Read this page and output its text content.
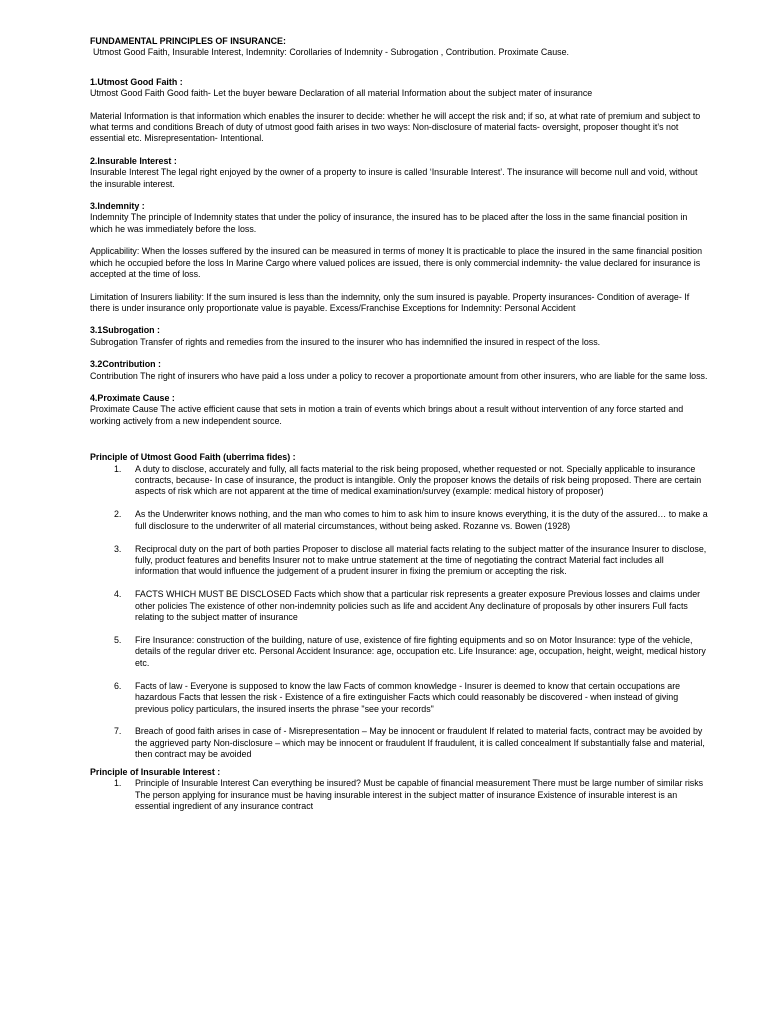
FUNDAMENTAL PRINCIPLES OF INSURANCE:

Utmost Good Faith, Insurable Interest, Indemnity: Corollaries of Indemnity - Subrogation , Contribution. Proximate Cause.

1.Utmost Good Faith :

Utmost Good Faith Good faith- Let the buyer beware Declaration of all material Information about the subject mater of insurance

Material Information is that information which enables the insurer to decide: whether he will accept the risk and; if so, at what rate of premium and subject to what terms and conditions Breach of duty of utmost good faith arises in two ways: Non-disclosure of material facts- oversight, proposer thought it’s not essential etc. Misrepresentation- Intentional.

2.Insurable Interest :

Insurable Interest The legal right enjoyed by the owner of a property to insure is called ‘Insurable Interest’. The insurance will become null and void, without the insurable interest.

3.Indemnity :

Indemnity The principle of Indemnity states that under the policy of insurance, the insured has to be placed after the loss in the same financial position in which he was immediately before the loss.

Applicability: When the losses suffered by the insured can be measured in terms of money It is practicable to place the insured in the same financial position which he occupied before the loss In Marine Cargo where valued polices are issued, there is only commercial indemnity- the value declared for insurance is accepted at the time of loss.

Limitation of Insurers liability: If the sum insured is less than the indemnity, only the sum insured is payable. Property insurances- Condition of average- If there is under insurance only proportionate value is payable. Excess/Franchise Exceptions for Indemnity: Personal Accident

3.1Subrogation :

Subrogation Transfer of rights and remedies from the insured to the insurer who has indemnified the insured in respect of the loss.

3.2Contribution :

Contribution The right of insurers who have paid a loss under a policy to recover a proportionate amount from other insurers, who are liable for the same loss.

4.Proximate Cause :

Proximate Cause The active efficient cause that sets in motion a train of events which brings about a result without intervention of any force started and working actively from a new independent source.

Principle of Utmost Good Faith (uberrima fides) :

1.	A duty to disclose, accurately and fully, all facts material to the risk being proposed, whether requested or not. Specially applicable to insurance contracts, because- In case of insurance, the product is intangible. Only the proposer knows the details of risk being proposed. There are certain aspects of risk which are not apparent at the time of medical examination/survey (example: medical history of proposer)
2.	As the Underwriter knows nothing, and the man who comes to him to ask him to insure knows everything, it is the duty of the assured… to make a full disclosure to the underwriter of all material circumstances, without being asked. Rozanne vs. Bowen (1928)
3.	Reciprocal duty on the part of both parties Proposer to disclose all material facts relating to the subject matter of the insurance Insurer to disclose, fully, product features and benefits Insurer not to make untrue statement at the time of negotiating the contract Material fact includes all information that would influence the judgement of a prudent insurer in fixing the premium or accepting the risk.
4.	FACTS WHICH MUST BE DISCLOSED Facts which show that a particular risk represents a greater exposure Previous losses and claims under other policies The existence of other non-indemnity policies such as life and accident Any declinature of proposals by other insurers Full facts relating to the subject matter of insurance
5.	Fire Insurance: construction of the building, nature of use, existence of fire fighting equipments and so on Motor Insurance: type of the vehicle, details of the regular driver etc. Personal Accident Insurance: age, occupation etc. Life Insurance: age, occupation, height, weight, medical history etc.
6.	Facts of law - Everyone is supposed to know the law Facts of common knowledge - Insurer is deemed to know that certain occupations are hazardous Facts that lessen the risk - Existence of a fire extinguisher Facts which could reasonably be discovered - when instead of giving previous policy particulars, the insured inserts the phrase "see your records"
7.	Breach of good faith arises in case of - Misrepresentation – May be innocent or fraudulent If related to material facts, contract may be avoided by the aggrieved party Non-disclosure – which may be innocent or fraudulent If fraudulent, it is called concealment If substantially false and material, then contract may be avoided

Principle of Insurable Interest :

1.	Principle of Insurable Interest Can everything be insured? Must be capable of financial measurement There must be large number of similar risks The person applying for insurance must be having insurable interest in the subject matter of insurance Existence of insurable interest is an essential ingredient of any insurance contract
